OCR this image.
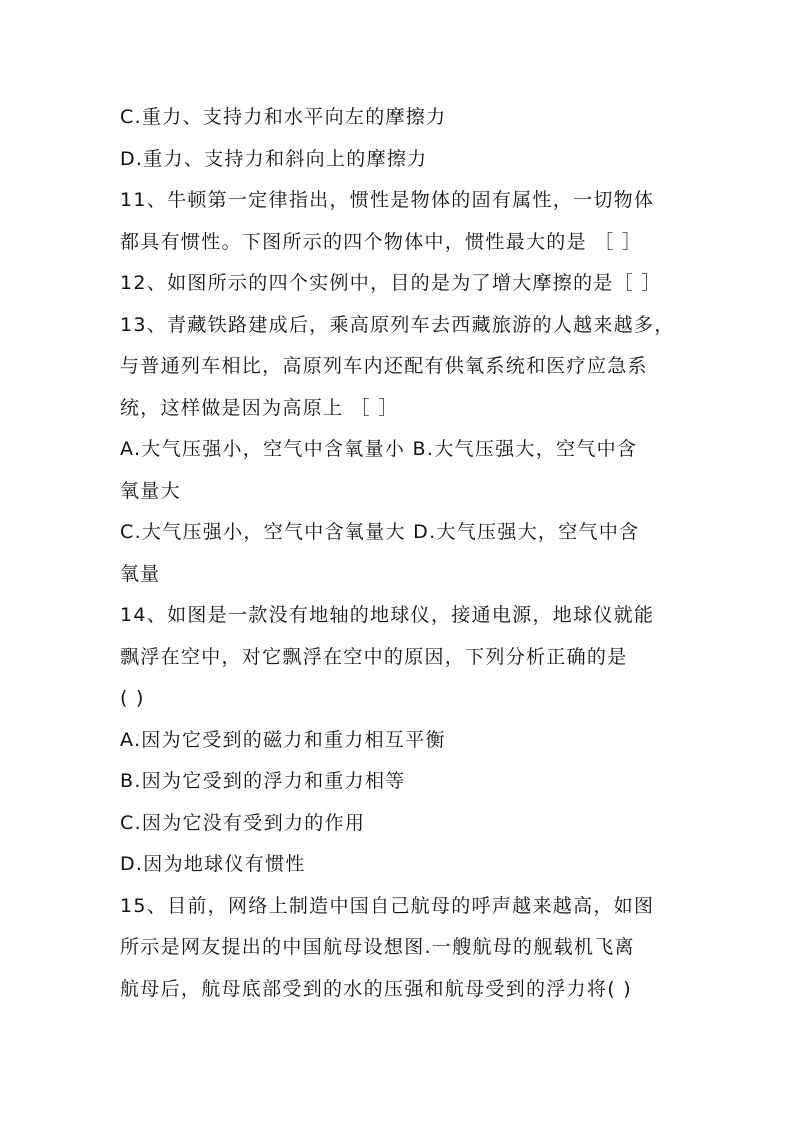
C.重力、支持力和水平向左的摩擦力
D.重力、支持力和斜向上的摩擦力
11、牛顿第一定律指出，惯性是物体的固有属性，一切物体
都具有惯性。下图所示的四个物体中，惯性最大的是 ［ ］
12、如图所示的四个实例中，目的是为了增大摩擦的是［ ］
13、青藏铁路建成后，乘高原列车去西藏旅游的人越来越多，
与普通列车相比，高原列车内还配有供氧系统和医疗应急系
统，这样做是因为高原上 ［ ］
A.大气压强小，空气中含氧量小 B.大气压强大，空气中含
氧量大
C.大气压强小，空气中含氧量大 D.大气压强大，空气中含
氧量
14、如图是一款没有地轴的地球仪，接通电源，地球仪就能
飘浮在空中，对它飘浮在空中的原因，下列分析正确的是
( )
A.因为它受到的磁力和重力相互平衡
B.因为它受到的浮力和重力相等
C.因为它没有受到力的作用
D.因为地球仪有惯性
15、目前，网络上制造中国自己航母的呼声越来越高，如图
所示是网友提出的中国航母设想图.一艘航母的舰载机飞离
航母后，航母底部受到的水的压强和航母受到的浮力将( )
